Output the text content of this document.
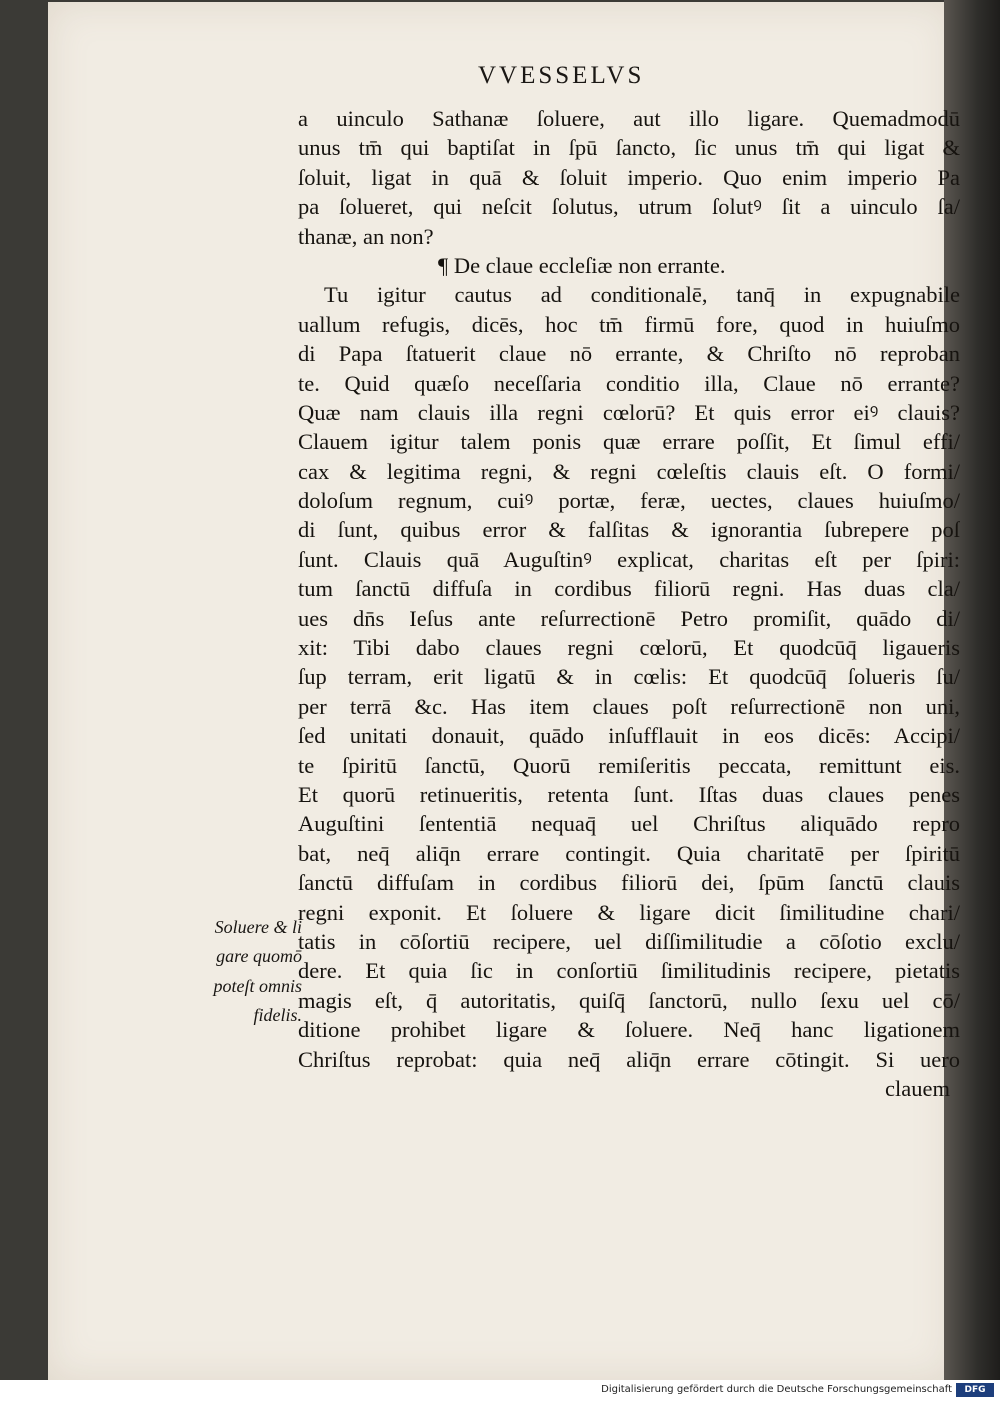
VVESSELVS
a uinculo Sathanæ ſoluere, aut illo ligare. Quemadmodū
unus tm̄ qui baptiſat in ſpū ſancto, ſic unus tm̄ qui ligat &
ſoluit, ligat in quā & ſoluit imperio. Quo enim imperio Pa
pa ſolueret, qui neſcit ſolutus, utrum ſolutꝰ ſit a uinculo ſa/
thanæ, an non?
¶ De claue eccleſiæ non errante.
Tu igitur cautus ad conditionalē, tanq̄ in expugnabile
uallum refugis, dicēs, hoc tm̄ firmū fore, quod in huiuſmo
di Papa ſtatuerit claue nō errante, & Chriſto nō reproban
te. Quid quæſo neceſſaria conditio illa, Claue nō errante?
Quæ nam clauis illa regni cœlorū? Et quis error eiꝰ clauis?
Clauem igitur talem ponis quæ errare poſſit, Et ſimul effi/
cax & legitima regni, & regni cœleſtis clauis eſt. O formi/
doloſum regnum, cuiꝰ portæ, feræ, uectes, claues huiuſmo/
di ſunt, quibus error & falſitas & ignorantia ſubrepere poſ
ſunt. Clauis quā Auguſtinꝰ explicat, charitas eſt per ſpiri:
tum ſanctū diffuſa in cordibus filiorū regni. Has duas cla/
ues dn̄s Ieſus ante reſurrectionē Petro promiſit, quādo di/
xit: Tibi dabo claues regni cœlorū, Et quodcūq̄ ligaueris
ſup terram, erit ligatū & in cœlis: Et quodcūq̄ ſolueris ſu/
per terrā &c. Has item claues poſt reſurrectionē non uni,
ſed unitati donauit, quādo inſufflauit in eos dicēs: Accipi/
te ſpiritū ſanctū, Quorū remiſeritis peccata, remittunt eis.
Et quorū retinueritis, retenta ſunt. Iſtas duas claues penes
Auguſtini ſententiā nequaq̄ uel Chriſtus aliquādo repro
bat, neq̄ aliq̄n errare contingit. Quia charitatē per ſpiritū
ſanctū diffuſam in cordibus filiorū dei, ſpūm ſanctū clauis
regni exponit. Et ſoluere & ligare dicit ſimilitudine chari/
tatis in cōſortiū recipere, uel diſſimilitudie a cōſotio exclu/
dere. Et quia ſic in conſortiū ſimilitudinis recipere, pietatis
magis eſt, q̄ autoritatis, quiſq̄ ſanctorū, nullo ſexu uel cō/
ditione prohibet ligare & ſoluere. Neq̄ hanc ligationem
Chriſtus reprobat: quia neq̄ aliq̄n errare cōtingit. Si uero
clauem
Soluere & li
gare quomō
poteſt omnis
fidelis.
Digitalisierung gefördert durch die Deutsche Forschungsgemeinschaft	DFG
